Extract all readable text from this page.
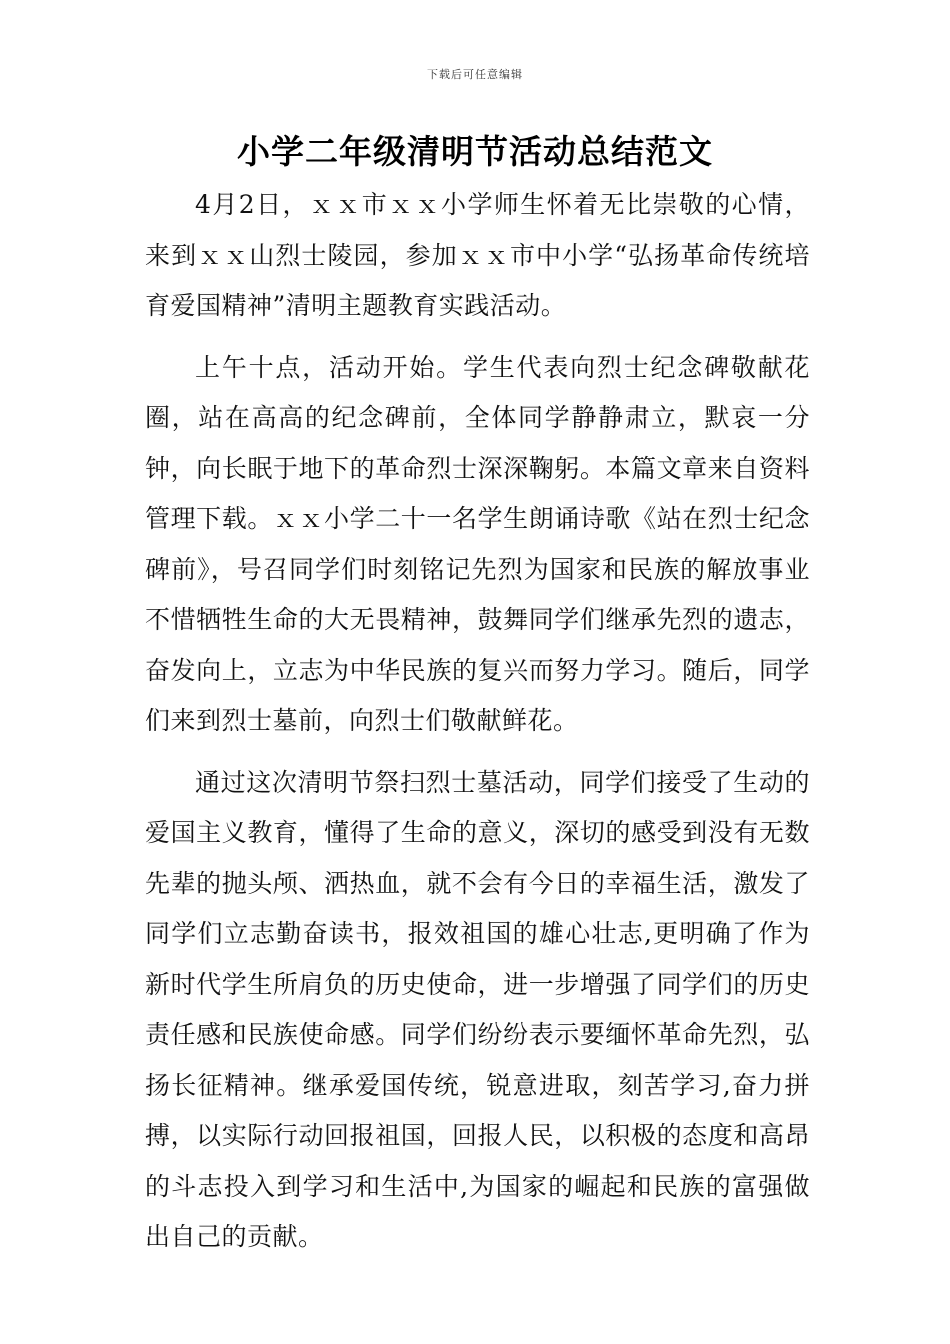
下载后可任意编辑
小学二年级清明节活动总结范文

4月2日，ｘｘ市ｘｘ小学师生怀着无比崇敬的心情，来到ｘｘ山烈士陵园，参加ｘｘ市中小学“弘扬革命传统培育爱国精神”清明主题教育实践活动。

上午十点，活动开始。学生代表向烈士纪念碑敬献花圈，站在高高的纪念碑前，全体同学静静肃立，默哀一分钟，向长眠于地下的革命烈士深深鞠躬。本篇文章来自资料管理下载。ｘｘ小学二十一名学生朗诵诗歌《站在烈士纪念碑前》，号召同学们时刻铭记先烈为国家和民族的解放事业不惜牺牲生命的大无畏精神，鼓舞同学们继承先烈的遗志，奋发向上，立志为中华民族的复兴而努力学习。随后，同学们来到烈士墓前，向烈士们敬献鲜花。

通过这次清明节祭扫烈士墓活动，同学们接受了生动的爱国主义教育，懂得了生命的意义，深切的感受到没有无数先辈的抛头颅、洒热血，就不会有今日的幸福生活，激发了同学们立志勤奋读书，报效祖国的雄心壮志,更明确了作为新时代学生所肩负的历史使命，进一步增强了同学们的历史责任感和民族使命感。同学们纷纷表示要缅怀革命先烈，弘扬长征精神。继承爱国传统，锐意进取，刻苦学习,奋力拼搏，以实际行动回报祖国，回报人民，以积极的态度和高昂的斗志投入到学习和生活中,为国家的崛起和民族的富强做出自己的贡献。
